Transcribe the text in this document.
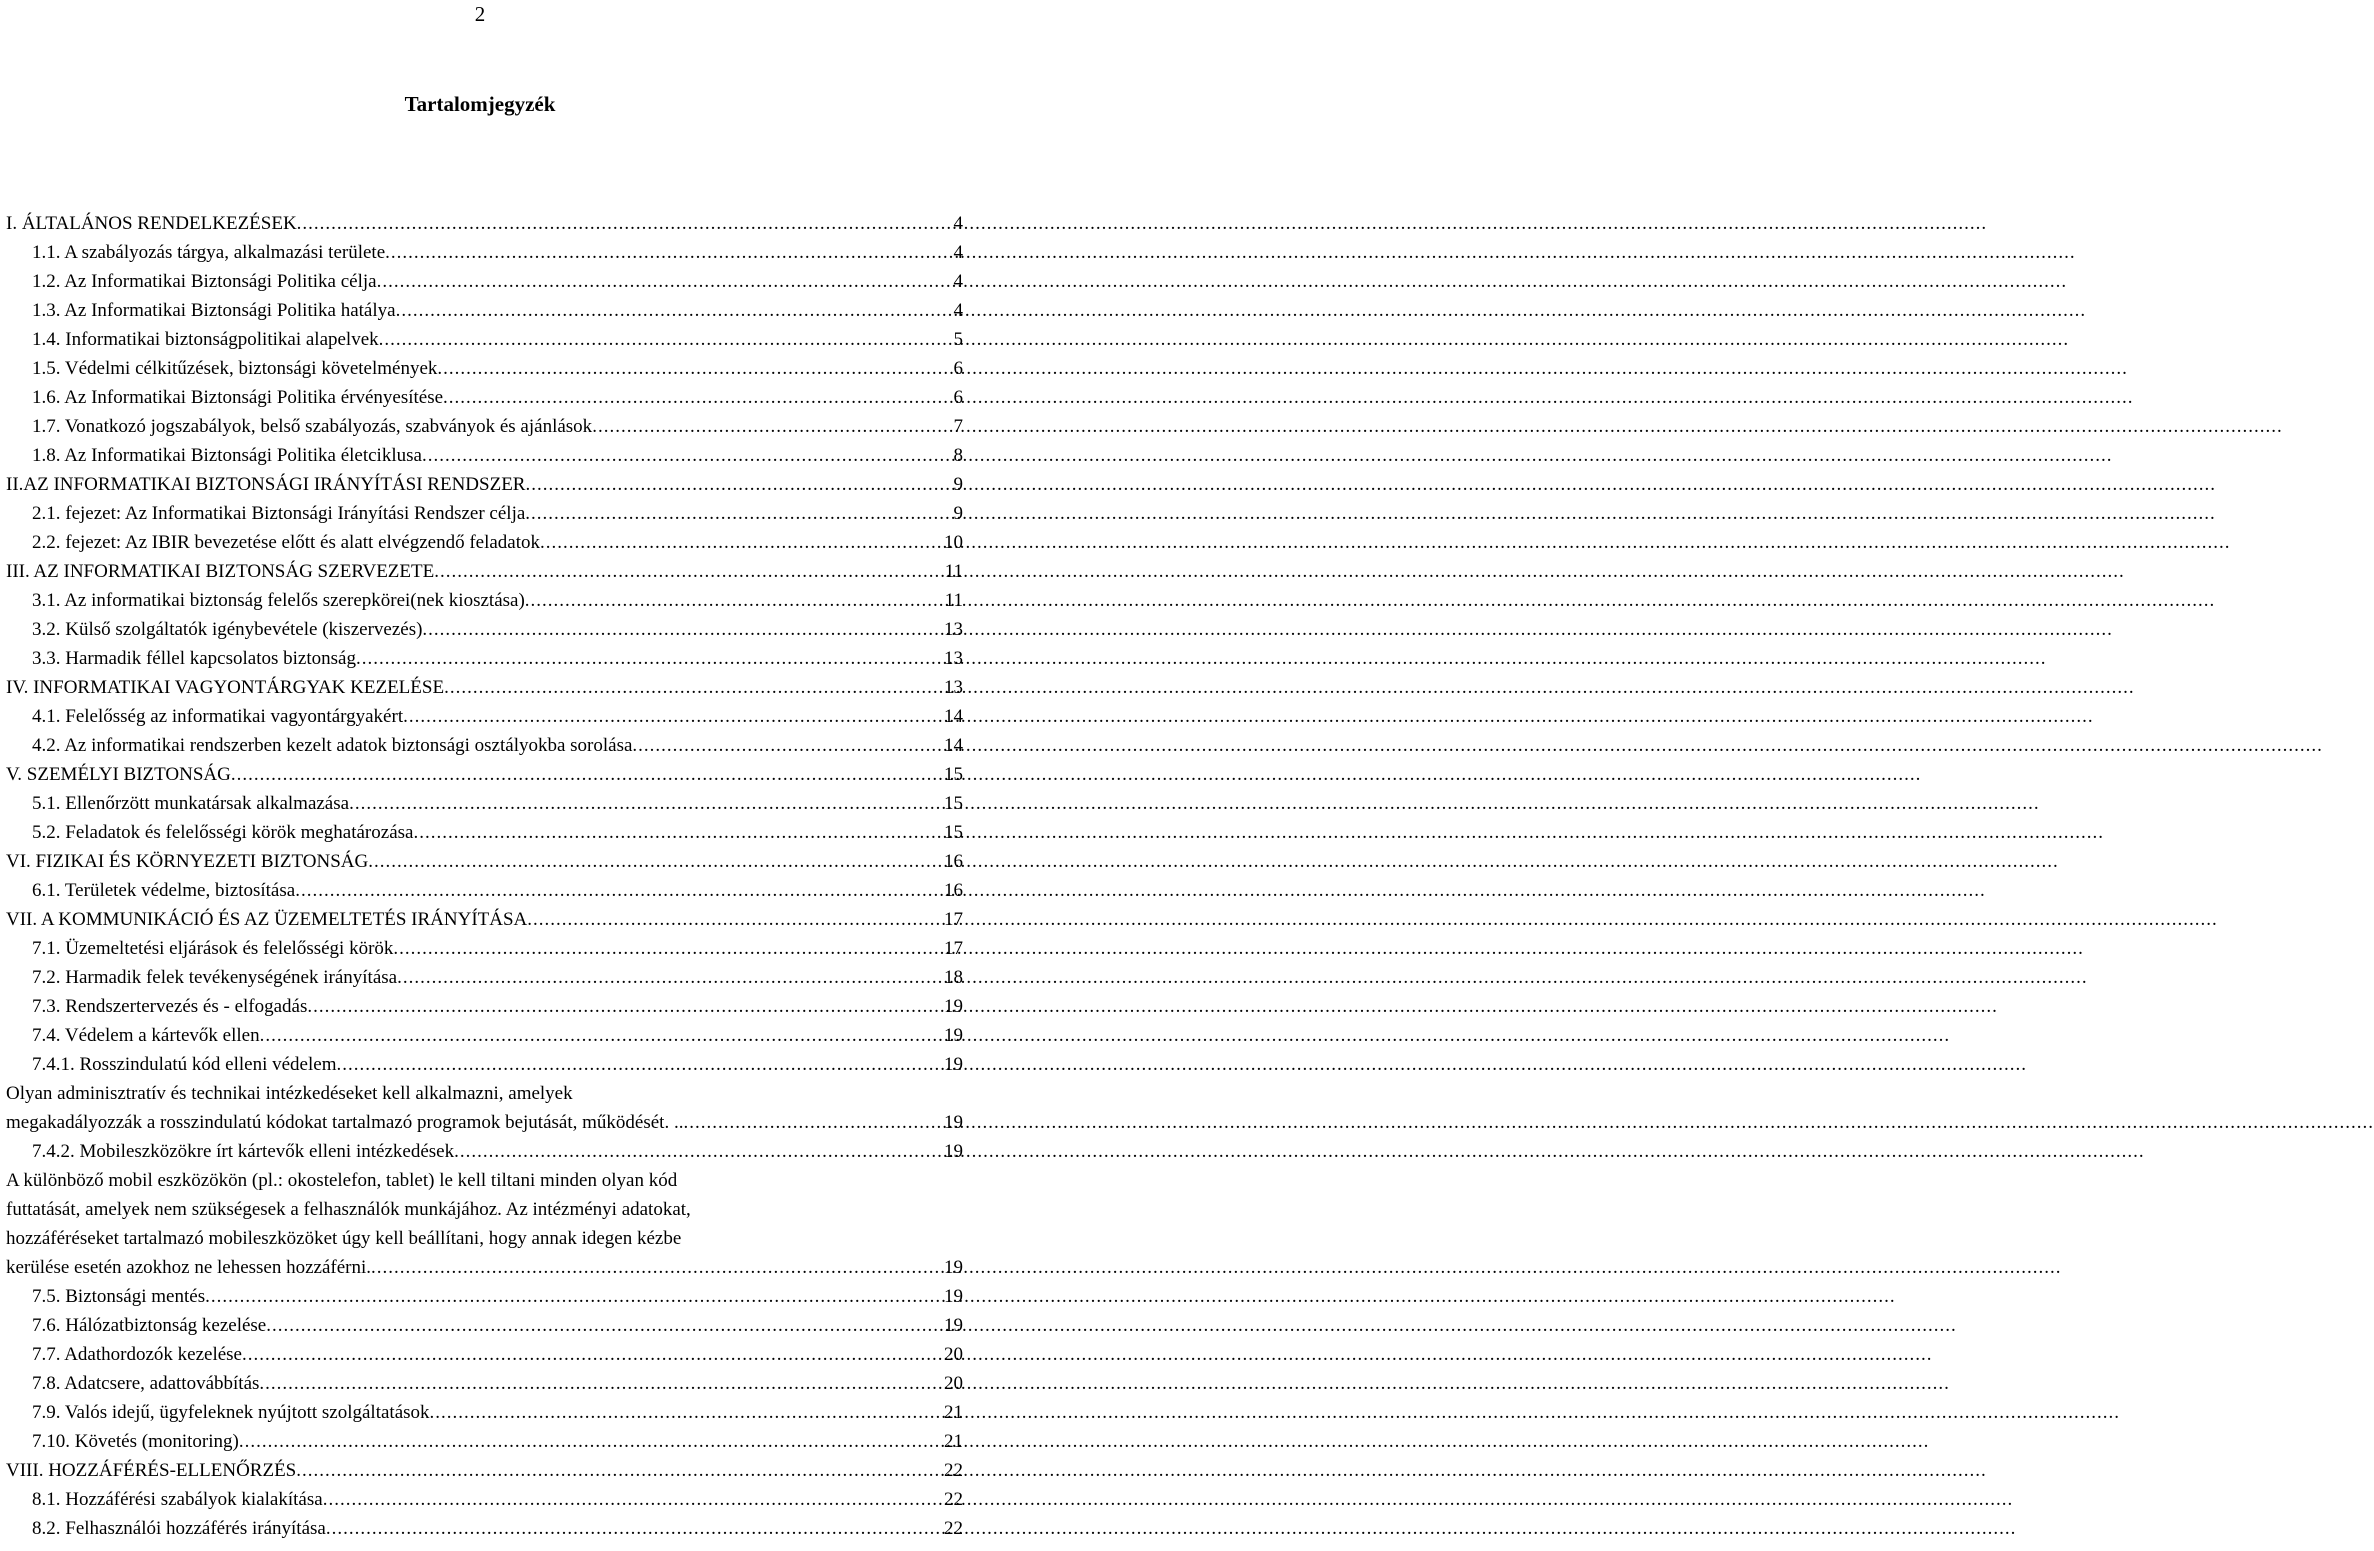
2
Tartalomjegyzék
I. ÁLTALÁNOS RENDELKEZÉSEK .....	4
1.1. A szabályozás tárgya, alkalmazási területe .....	4
1.2. Az Informatikai Biztonsági Politika célja .....	4
1.3. Az Informatikai Biztonsági Politika hatálya .....	4
1.4. Informatikai biztonságpolitikai alapelvek .....	5
1.5. Védelmi célkitűzések, biztonsági követelmények .....	6
1.6. Az Informatikai Biztonsági Politika érvényesítése .....	6
1.7. Vonatkozó jogszabályok, belső szabályozás, szabványok és ajánlások .....	7
1.8. Az Informatikai Biztonsági Politika életciklusa .....	8
II.AZ INFORMATIKAI BIZTONSÁGI IRÁNYÍTÁSI RENDSZER .....	9
2.1. fejezet: Az Informatikai Biztonsági Irányítási Rendszer célja .....	9
2.2. fejezet: Az IBIR bevezetése előtt és alatt elvégzendő feladatok .....	10
III. AZ INFORMATIKAI BIZTONSÁG SZERVEZETE .....	11
3.1. Az informatikai biztonság felelős szerepkörei(nek kiosztása) .....	11
3.2. Külső szolgáltatók igénybevétele (kiszervezés) .....	13
3.3. Harmadik féllel kapcsolatos biztonság .....	13
IV. INFORMATIKAI VAGYONTÁRGYAK KEZELÉSE .....	13
4.1. Felelősség az informatikai vagyontárgyakért .....	14
4.2. Az informatikai rendszerben kezelt adatok biztonsági osztályokba sorolása .....	14
V. SZEMÉLYI BIZTONSÁG .....	15
5.1. Ellenőrzött munkatársak alkalmazása .....	15
5.2. Feladatok és felelősségi körök meghatározása .....	15
VI. FIZIKAI ÉS KÖRNYEZETI BIZTONSÁG .....	16
6.1. Területek védelme, biztosítása .....	16
VII. A KOMMUNIKÁCIÓ ÉS AZ ÜZEMELTETÉS IRÁNYÍTÁSA .....	17
7.1. Üzemeltetési eljárások és felelősségi körök .....	17
7.2. Harmadik felek tevékenységének irányítása .....	18
7.3. Rendszertervezés és - elfogadás .....	19
7.4. Védelem a kártevők ellen .....	19
7.4.1. Rosszindulatú kód elleni védelem .....	19
Olyan adminisztratív és technikai intézkedéseket kell alkalmazni, amelyek
megakadályozzák a rosszindulatú kódokat tartalmazó programok bejutását, működését. .. .....	19
7.4.2. Mobileszközökre írt kártevők elleni intézkedések .....	19
A különböző mobil eszközökön (pl.: okostelefon, tablet) le kell tiltani minden olyan kód
futtatását, amelyek nem szükségesek a felhasználók munkájához. Az intézményi adatokat,
hozzáféréseket tartalmazó mobileszközöket úgy kell beállítani, hogy annak idegen kézbe
kerülése esetén azokhoz ne lehessen hozzáférni. .....	19
7.5. Biztonsági mentés .....	19
7.6. Hálózatbiztonság kezelése .....	19
7.7. Adathordozók kezelése .....	20
7.8. Adatcsere, adattovábbítás .....	20
7.9. Valós idejű, ügyfeleknek nyújtott szolgáltatások .....	21
7.10. Követés (monitoring) .....	21
VIII. HOZZÁFÉRÉS-ELLENŐRZÉS .....	22
8.1. Hozzáférési szabályok kialakítása .....	22
8.2. Felhasználói hozzáférés irányítása .....	22
